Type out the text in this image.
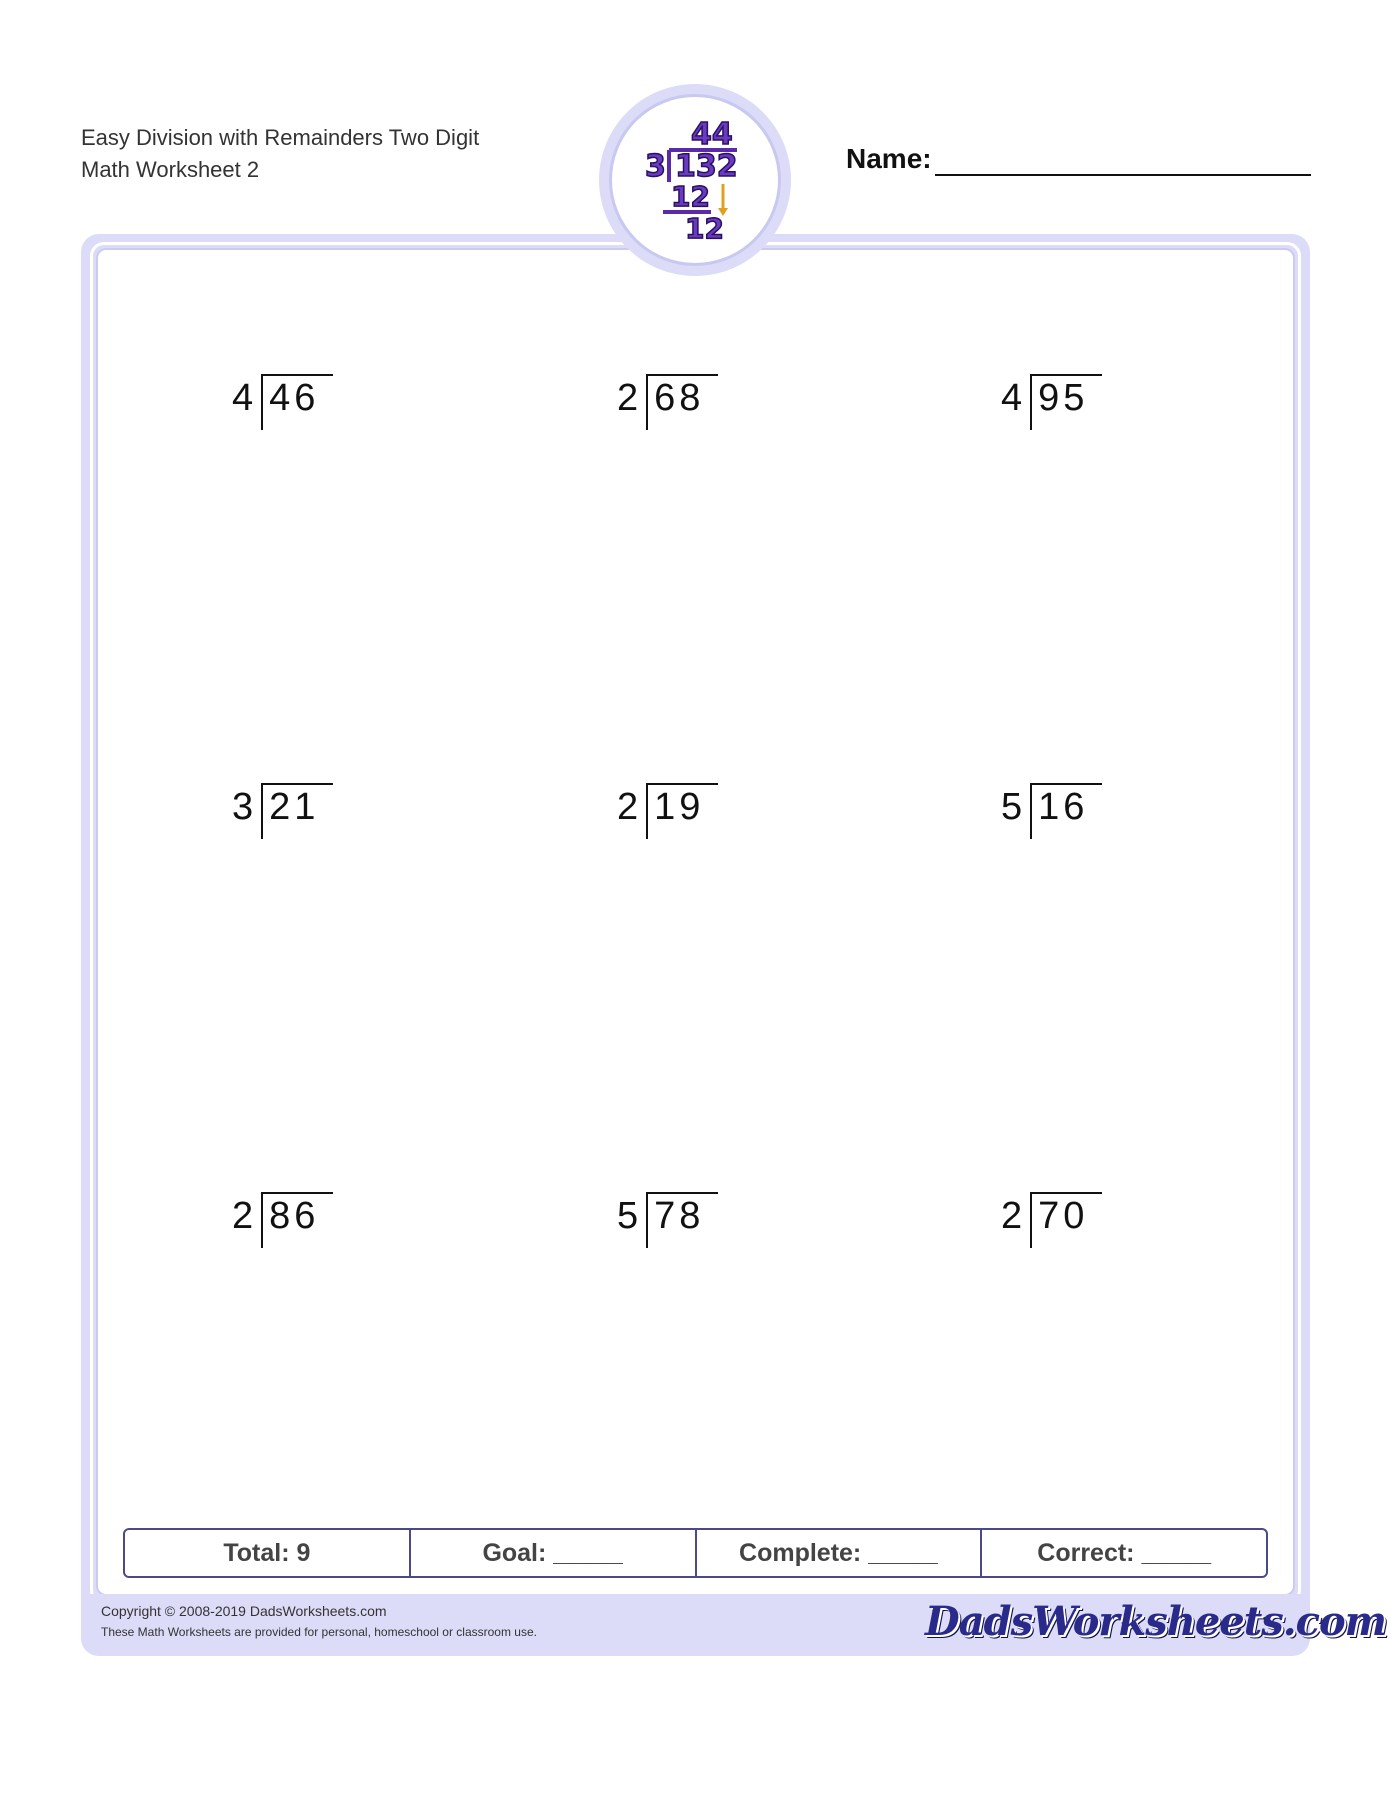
Easy Division with Remainders Two Digit
Math Worksheet 2	Name:
44
3 132
12
12
4 46	2 68	4 95
3 21	2 19	5 16
2 86	5 78	2 70
Total: 9	Goal: _____	Complete: _____	Correct: _____
Copyright © 2008-2019 DadsWorksheets.com
These Math Worksheets are provided for personal, homeschool or classroom use.	DadsWorksheets.com
